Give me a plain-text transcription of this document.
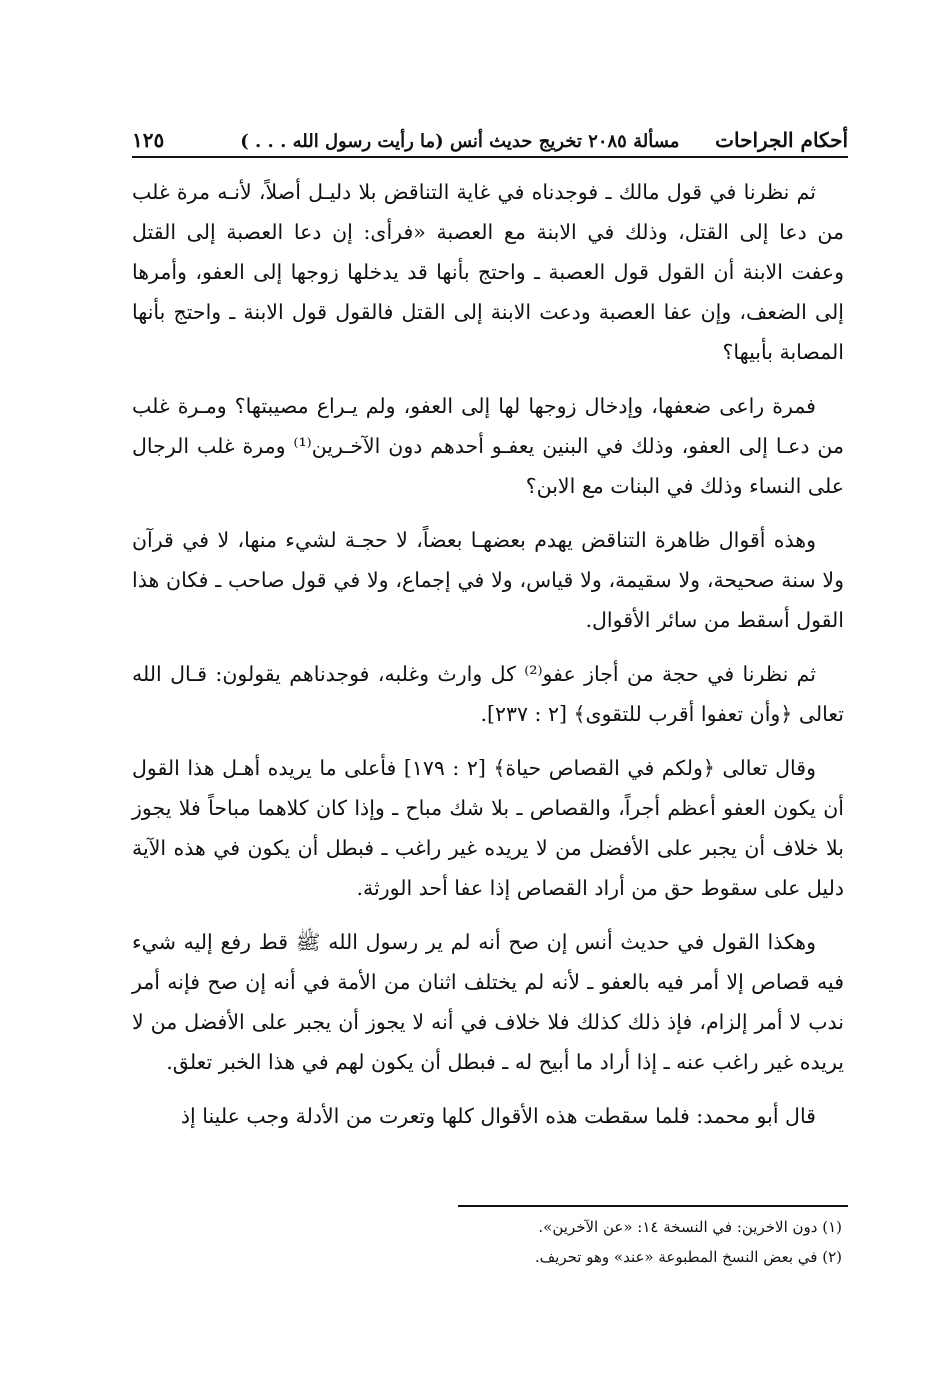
أحكام الجراحات
مسألة ٢٠٨٥ تخريج حديث أنس (ما رأيت رسول الله . . . )
١٢٥

ثم نظرنا في قول مالك ـ فوجدناه في غاية التناقض بلا دليـل أصلاً، لأنـه مرة غلب من دعا إلى القتل، وذلك في الابنة مع العصبة «فرأى: إن دعا العصبة إلى القتل وعفت الابنة أن القول قول العصبة ـ واحتج بأنها قد يدخلها زوجها إلى العفو، وأمرها إلى الضعف، وإن عفا العصبة ودعت الابنة إلى القتل فالقول قول الابنة ـ واحتج بأنها المصابة بأبيها؟

فمرة راعى ضعفها، وإدخال زوجها لها إلى العفو، ولم يـراع مصيبتها؟ ومـرة غلب من دعـا إلى العفو، وذلك في البنين يعفـو أحدهم دون الآخـرين⁽¹⁾ ومرة غلب الرجال على النساء وذلك في البنات مع الابن؟

وهذه أقوال ظاهرة التناقض يهدم بعضهـا بعضاً، لا حجـة لشيء منها، لا في قرآن ولا سنة صحيحة، ولا سقيمة، ولا قياس، ولا في إجماع، ولا في قول صاحب ـ فكان هذا القول أسقط من سائر الأقوال.

ثم نظرنا في حجة من أجاز عفو⁽²⁾ كل وارث وغلبه، فوجدناهم يقولون: قـال الله تعالى ﴿وأن تعفوا أقرب للتقوى﴾ [٢ : ٢٣٧].

وقال تعالى ﴿ولكم في القصاص حياة﴾ [٢ : ١٧٩] فأعلى ما يريده أهـل هذا القول أن يكون العفو أعظم أجراً، والقصاص ـ بلا شك مباح ـ وإذا كان كلاهما مباحاً فلا يجوز بلا خلاف أن يجبر على الأفضل من لا يريده غير راغب ـ فبطل أن يكون في هذه الآية دليل على سقوط حق من أراد القصاص إذا عفا أحد الورثة.

وهكذا القول في حديث أنس إن صح أنه لم ير رسول الله ﷺ قط رفع إليه شيء فيه قصاص إلا أمر فيه بالعفو ـ لأنه لم يختلف اثنان من الأمة في أنه إن صح فإنه أمر ندب لا أمر إلزام، فإذ ذلك كذلك فلا خلاف في أنه لا يجوز أن يجبر على الأفضل من لا يريده غير راغب عنه ـ إذا أراد ما أبيح له ـ فبطل أن يكون لهم في هذا الخبر تعلق.

قال أبو محمد: فلما سقطت هذه الأقوال كلها وتعرت من الأدلة وجب علينا إذ

(١) دون الاخرين: في النسخة ١٤: «عن الآخرين».
(٢) في بعض النسخ المطبوعة «عند» وهو تحريف.
